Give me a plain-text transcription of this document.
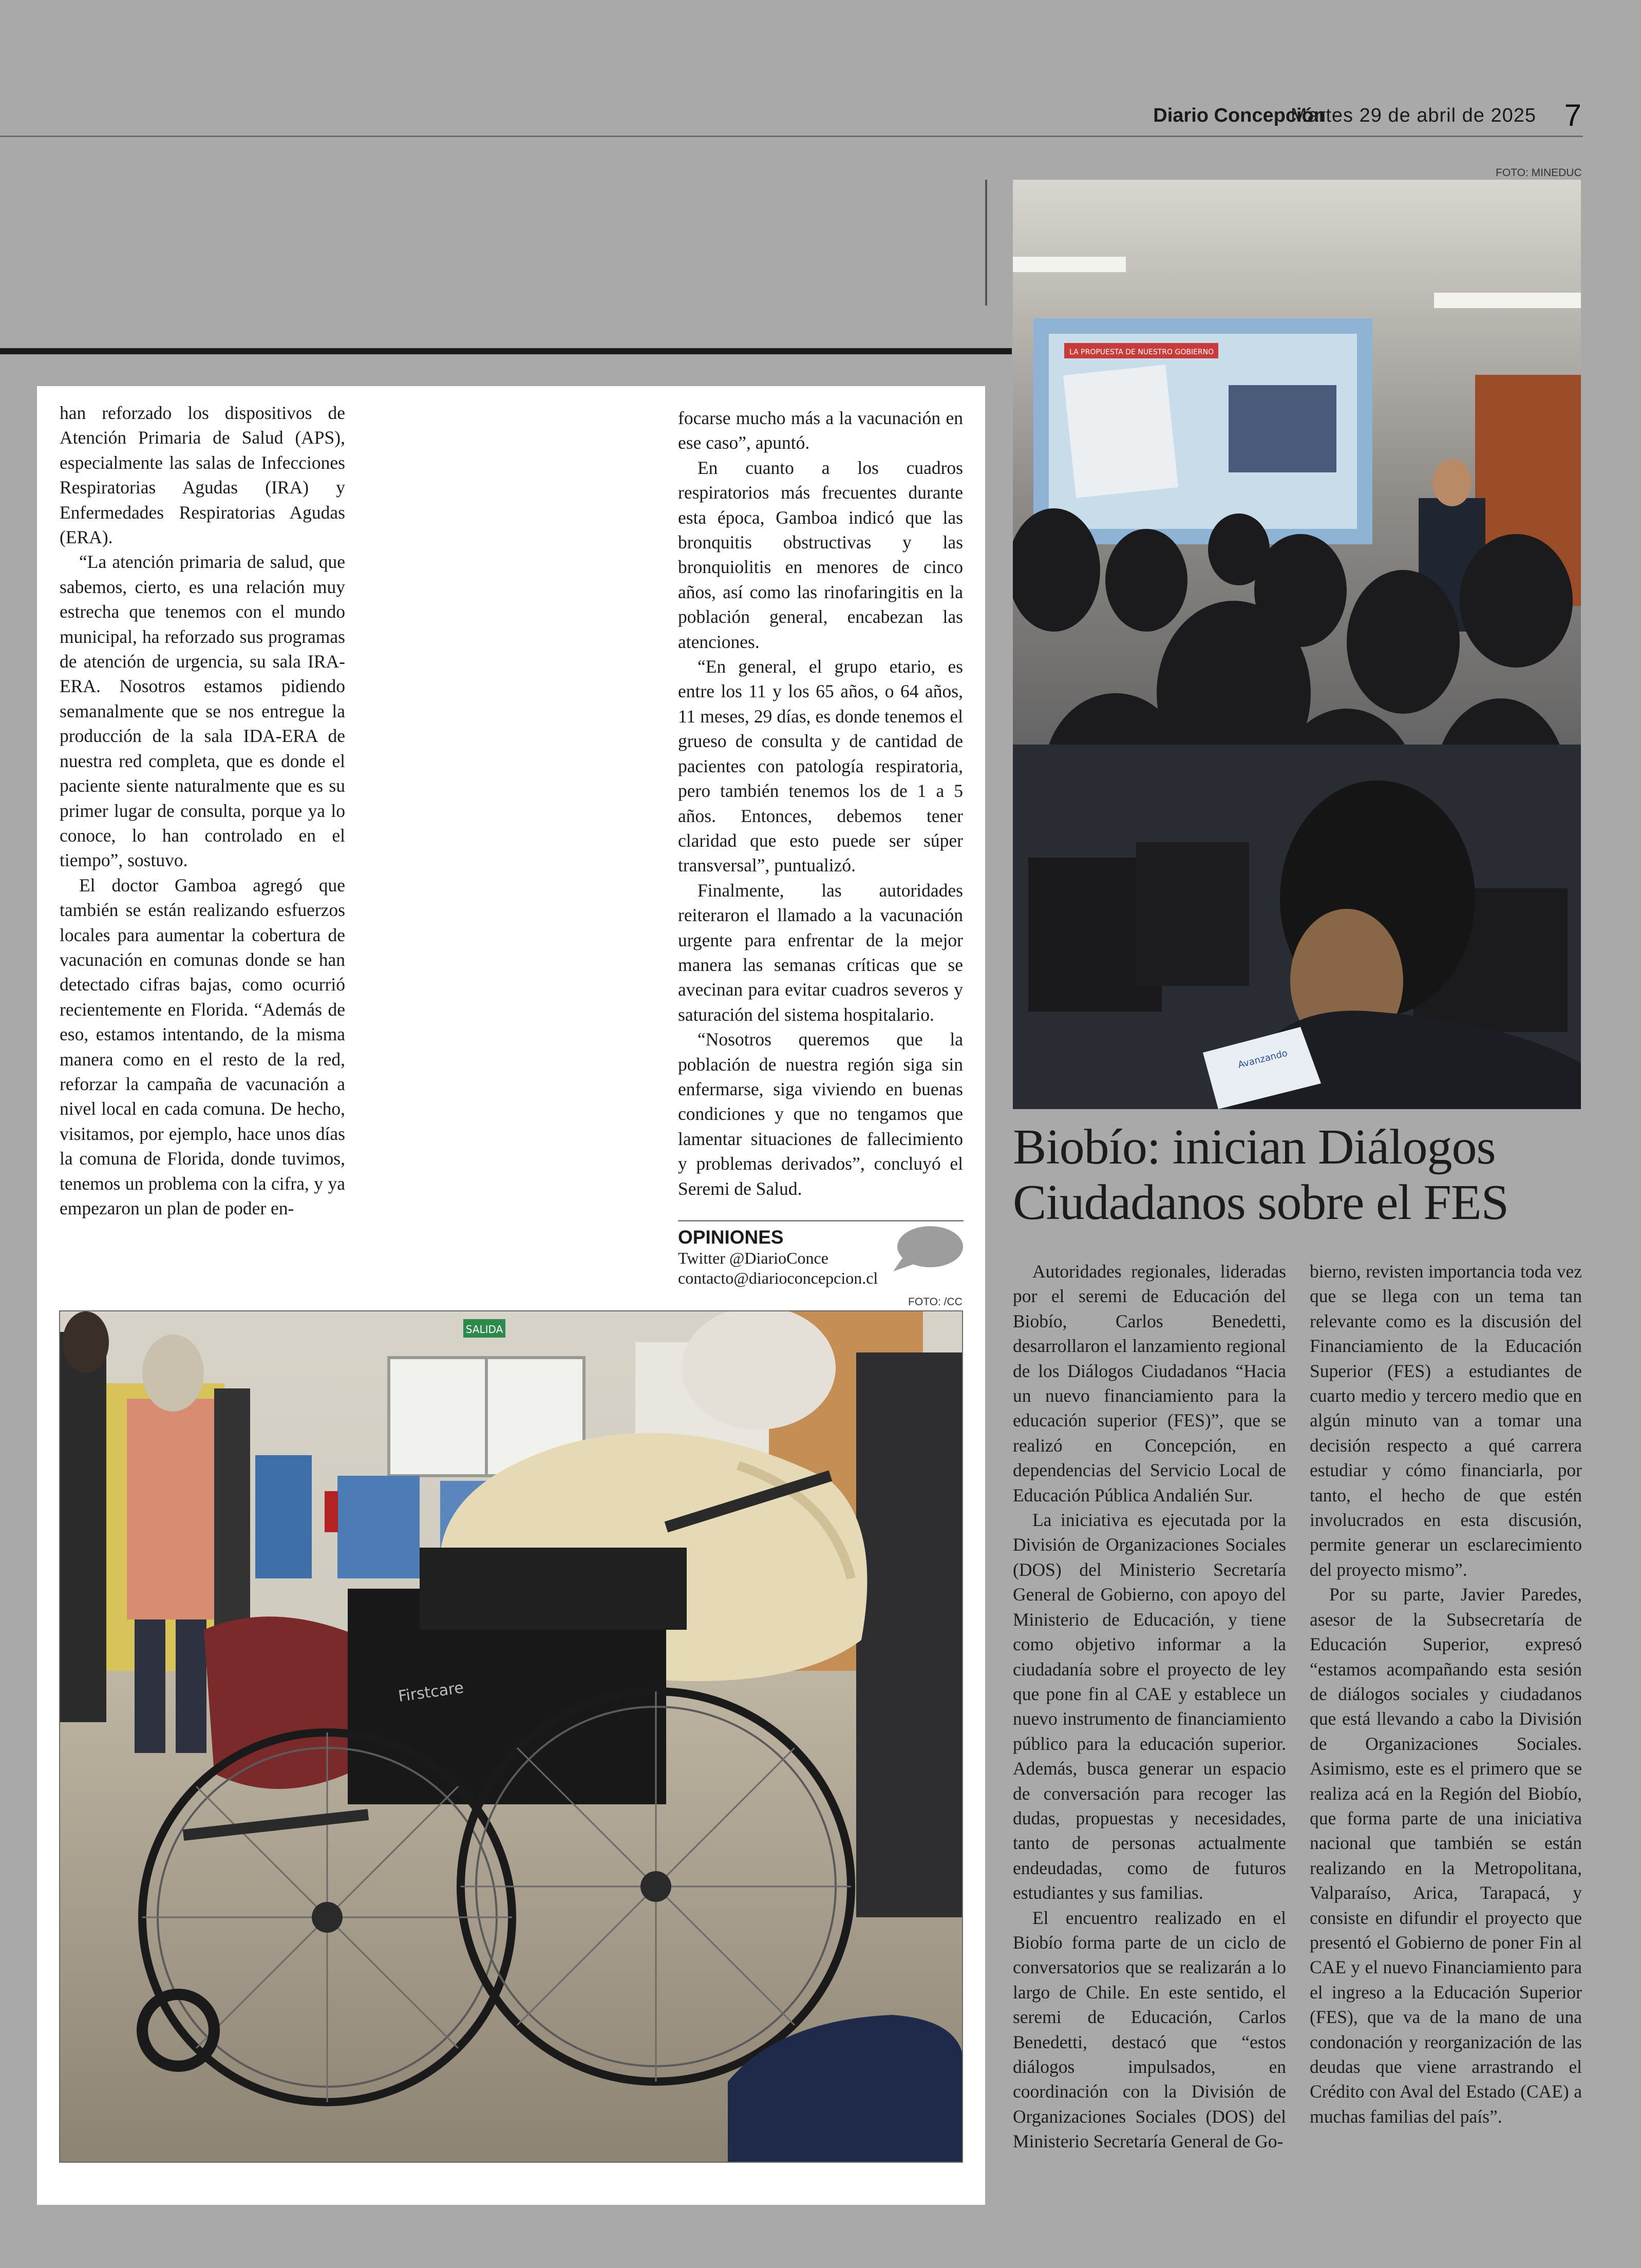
Diario Concepción
Martes 29 de abril de 2025 7

han reforzado los dispositivos de Atención Primaria de Salud (APS), especialmente las salas de Infecciones Respiratorias Agudas (IRA) y Enfermedades Respiratorias Agudas (ERA).

“La atención primaria de salud, que sabemos, cierto, es una relación muy estrecha que tenemos con el mundo municipal, ha reforzado sus programas de atención de urgencia, su sala IRA-ERA. Nosotros estamos pidiendo semanalmente que se nos entregue la producción de la sala IDA-ERA de nuestra red completa, que es donde el paciente siente naturalmente que es su primer lugar de consulta, porque ya lo conoce, lo han controlado en el tiempo”, sostuvo.

El doctor Gamboa agregó que también se están realizando esfuerzos locales para aumentar la cobertura de vacunación en comunas donde se han detectado cifras bajas, como ocurrió recientemente en Florida. “Además de eso, estamos intentando, de la misma manera como en el resto de la red, reforzar la campaña de vacunación a nivel local en cada comuna. De hecho, visitamos, por ejemplo, hace unos días la comuna de Florida, donde tuvimos, tenemos un problema con la cifra, y ya empezaron un plan de poder en-

focarse mucho más a la vacunación en ese caso”, apuntó.

En cuanto a los cuadros respiratorios más frecuentes durante esta época, Gamboa indicó que las bronquitis obstructivas y las bronquiolitis en menores de cinco años, así como las rinofaringitis en la población general, encabezan las atenciones.

“En general, el grupo etario, es entre los 11 y los 65 años, o 64 años, 11 meses, 29 días, es donde tenemos el grueso de consulta y de cantidad de pacientes con patología respiratoria, pero también tenemos los de 1 a 5 años. Entonces, debemos tener claridad que esto puede ser súper transversal”, puntualizó.

Finalmente, las autoridades reiteraron el llamado a la vacunación urgente para enfrentar de la mejor manera las semanas críticas que se avecinan para evitar cuadros severos y saturación del sistema hospitalario.

“Nosotros queremos que la población de nuestra región siga sin enfermarse, siga viviendo en buenas condiciones y que no tengamos que lamentar situaciones de fallecimiento y problemas derivados”, concluyó el Seremi de Salud.

OPINIONES
Twitter @DiarioConce
contacto@diarioconcepcion.cl
FOTO: /CC
SALIDA
Firstcare
FOTO: MINEDUC
LA PROPUESTA DE NUESTRO GOBIERNO
Avanzando
Biobío: inician Diálogos Ciudadanos sobre el FES

Autoridades regionales, lideradas por el seremi de Educación del Biobío, Carlos Benedetti, desarrollaron el lanzamiento regional de los Diálogos Ciudadanos “Hacia un nuevo financiamiento para la educación superior (FES)”, que se realizó en Concepción, en dependencias del Servicio Local de Educación Pública Andalién Sur.

La iniciativa es ejecutada por la División de Organizaciones Sociales (DOS) del Ministerio Secretaría General de Gobierno, con apoyo del Ministerio de Educación, y tiene como objetivo informar a la ciudadanía sobre el proyecto de ley que pone fin al CAE y establece un nuevo instrumento de financiamiento público para la educación superior. Además, busca generar un espacio de conversación para recoger las dudas, propuestas y necesidades, tanto de personas actualmente endeudadas, como de futuros estudiantes y sus familias.

El encuentro realizado en el Biobío forma parte de un ciclo de conversatorios que se realizarán a lo largo de Chile. En este sentido, el seremi de Educación, Carlos Benedetti, destacó que “estos diálogos impulsados, en coordinación con la División de Organizaciones Sociales (DOS) del Ministerio Secretaría General de Go-

bierno, revisten importancia toda vez que se llega con un tema tan relevante como es la discusión del Financiamiento de la Educación Superior (FES) a estudiantes de cuarto medio y tercero medio que en algún minuto van a tomar una decisión respecto a qué carrera estudiar y cómo financiarla, por tanto, el hecho de que estén involucrados en esta discusión, permite generar un esclarecimiento del proyecto mismo”.

Por su parte, Javier Paredes, asesor de la Subsecretaría de Educación Superior, expresó “estamos acompañando esta sesión de diálogos sociales y ciudadanos que está llevando a cabo la División de Organizaciones Sociales. Asimismo, este es el primero que se realiza acá en la Región del Biobío, que forma parte de una iniciativa nacional que también se están realizando en la Metropolitana, Valparaíso, Arica, Tarapacá, y consiste en difundir el proyecto que presentó el Gobierno de poner Fin al CAE y el nuevo Financiamiento para el ingreso a la Educación Superior (FES), que va de la mano de una condonación y reorganización de las deudas que viene arrastrando el Crédito con Aval del Estado (CAE) a muchas familias del país”.
